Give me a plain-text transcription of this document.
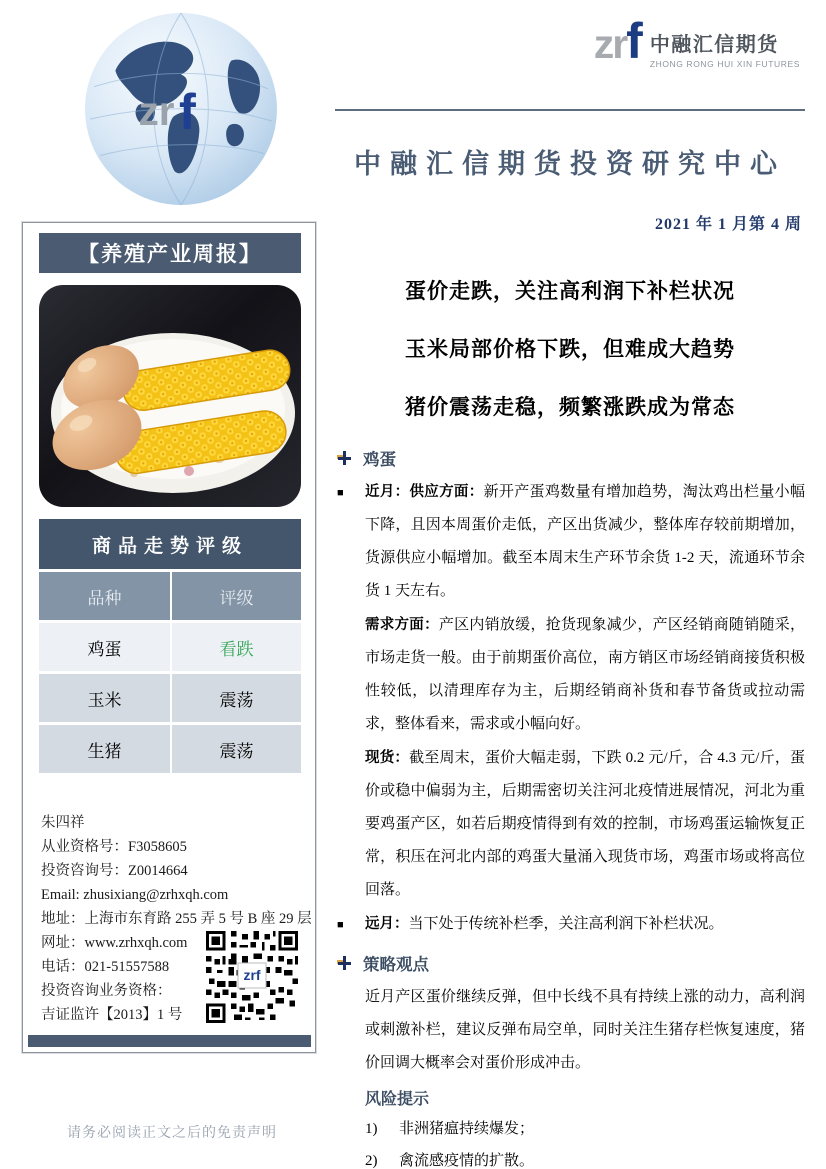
zr f
zr f 中融汇信期货
ZHONG RONG HUI XIN FUTURES
中融汇信期货投资研究中心
2021 年 1 月第 4 周
【养殖产业周报】
商品走势评级
品种	评级
鸡蛋	看跌
玉米	震荡
生猪	震荡
朱四祥
从业资格号：F3058605
投资咨询号：Z0014664
Email: zhusixiang@zrhxqh.com
地址：上海市东育路 255 弄 5 号 B 座 29 层
网址：www.zrhxqh.com
电话：021-51557588
投资咨询业务资格：
吉证监许【2013】1 号
zrf
蛋价走跌，关注高利润下补栏状况
玉米局部价格下跌，但难成大趋势
猪价震荡走稳，频繁涨跌成为常态
鸡蛋
■ 近月：供应方面：新开产蛋鸡数量有增加趋势，淘汰鸡出栏量小幅下降，且因本周蛋价走低，产区出货减少，整体库存较前期增加，货源供应小幅增加。截至本周末生产环节余货 1-2 天，流通环节余货 1 天左右。
需求方面：产区内销放缓，抢货现象减少，产区经销商随销随采，市场走货一般。由于前期蛋价高位，南方销区市场经销商接货积极性较低，以清理库存为主，后期经销商补货和春节备货或拉动需求，整体看来，需求或小幅向好。
现货：截至周末，蛋价大幅走弱，下跌 0.2 元/斤，合 4.3 元/斤，蛋价或稳中偏弱为主，后期需密切关注河北疫情进展情况，河北为重要鸡蛋产区，如若后期疫情得到有效的控制，市场鸡蛋运输恢复正常，积压在河北内部的鸡蛋大量涌入现货市场，鸡蛋市场或将高位回落。
■ 远月：当下处于传统补栏季，关注高利润下补栏状况。
策略观点
近月产区蛋价继续反弹，但中长线不具有持续上涨的动力，高利润或刺激补栏，建议反弹布局空单，同时关注生猪存栏恢复速度，猪价回调大概率会对蛋价形成冲击。
风险提示
1) 非洲猪瘟持续爆发；
2) 禽流感疫情的扩散。
请务必阅读正文之后的免责声明
